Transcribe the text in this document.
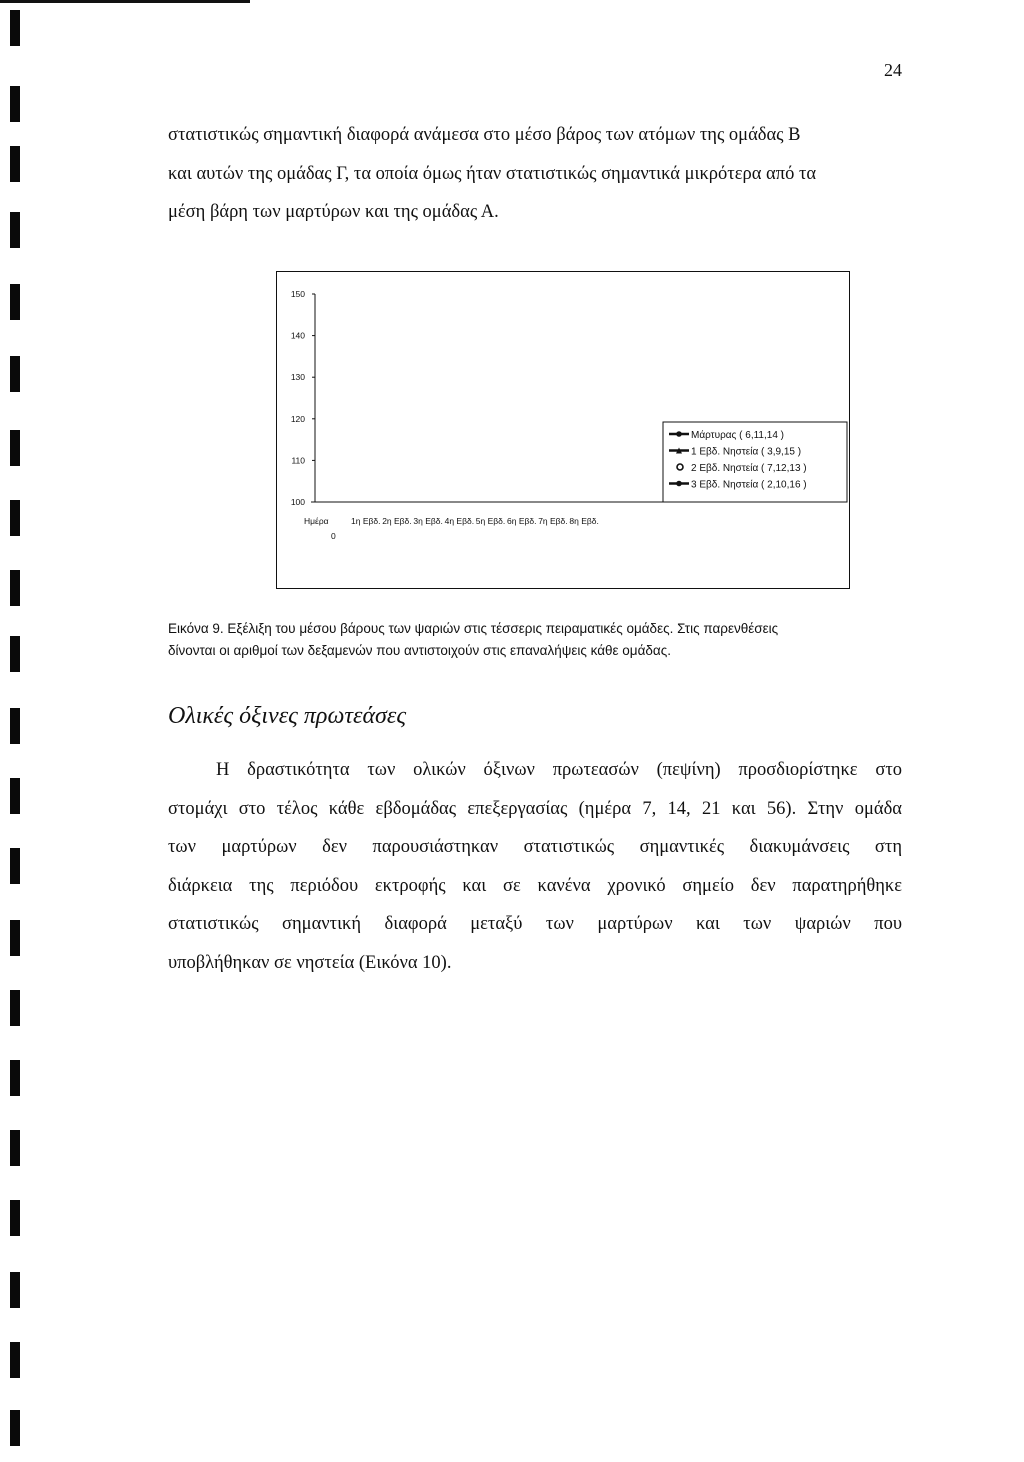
24

στατιστικώς σημαντική διαφορά ανάμεσα στο μέσο βάρος των ατόμων της ομάδας Β
και αυτών της ομάδας Γ, τα οποία όμως ήταν στατιστικώς σημαντικά μικρότερα από τα
μέση βάρη των μαρτύρων και της ομάδας Α.

150
140
130
120
110
100
Ημέρα
0
1η Εβδ. 2η Εβδ. 3η Εβδ. 4η Εβδ. 5η Εβδ. 6η Εβδ. 7η Εβδ. 8η Εβδ.
Μάρτυρας ( 6,11,14 )
1 Εβδ. Νηστεία ( 3,9,15 )
2 Εβδ. Νηστεία ( 7,12,13 )
3 Εβδ. Νηστεία ( 2,10,16 )

Εικόνα 9. Εξέλιξη του μέσου βάρους των ψαριών στις τέσσερις πειραματικές ομάδες. Στις παρενθέσεις
δίνονται οι αριθμοί των δεξαμενών που αντιστοιχούν στις επαναλήψεις κάθε ομάδας.

Ολικές όξινες πρωτεάσες
Η δραστικότητα των ολικών όξινων πρωτεασών (πεψίνη) προσδιορίστηκε στο
στομάχι στο τέλος κάθε εβδομάδας επεξεργασίας (ημέρα 7, 14, 21 και 56). Στην ομάδα
των μαρτύρων δεν παρουσιάστηκαν στατιστικώς σημαντικές διακυμάνσεις στη
διάρκεια της περιόδου εκτροφής και σε κανένα χρονικό σημείο δεν παρατηρήθηκε
στατιστικώς σημαντική διαφορά μεταξύ των μαρτύρων και των ψαριών που
υποβλήθηκαν σε νηστεία (Εικόνα 10).
